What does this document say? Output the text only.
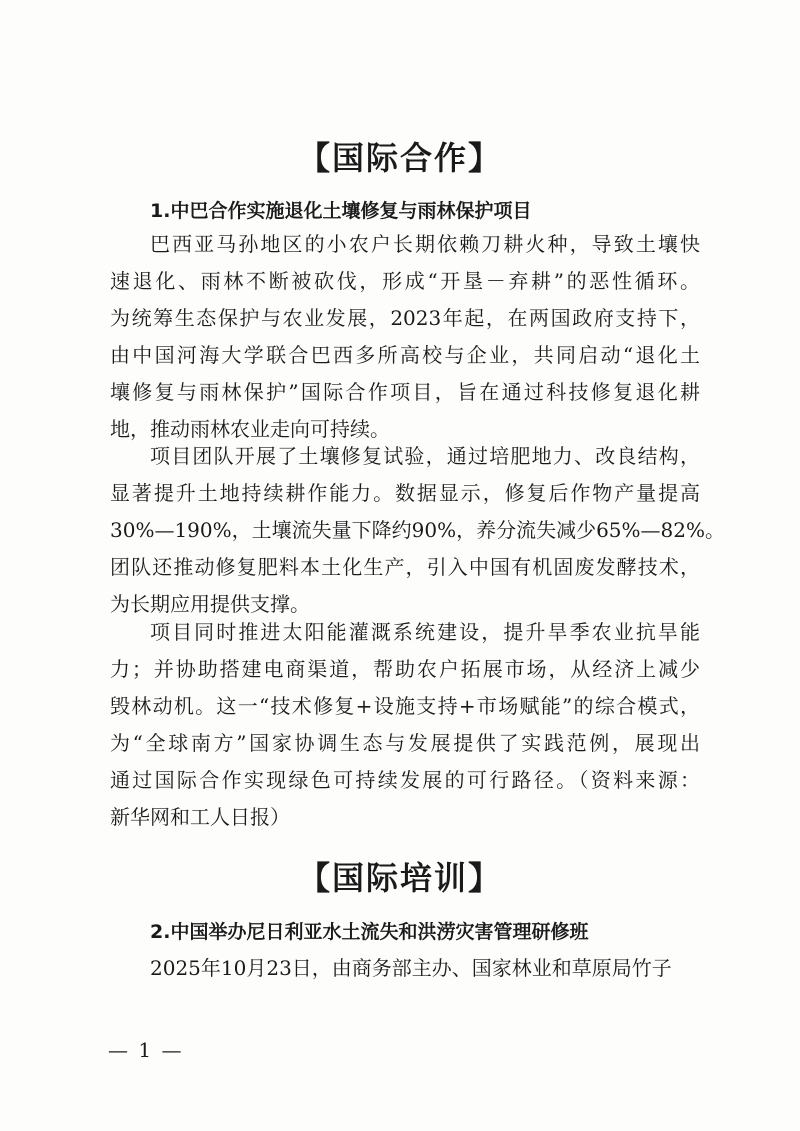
【国际合作】
1.中巴合作实施退化土壤修复与雨林保护项目
巴西亚马孙地区的小农户长期依赖刀耕火种，导致土壤快
速退化、雨林不断被砍伐，形成“开垦－弃耕”的恶性循环。
为统筹生态保护与农业发展，2023年起，在两国政府支持下，
由中国河海大学联合巴西多所高校与企业，共同启动“退化土
壤修复与雨林保护”国际合作项目，旨在通过科技修复退化耕
地，推动雨林农业走向可持续。
项目团队开展了土壤修复试验，通过培肥地力、改良结构，
显著提升土地持续耕作能力。数据显示，修复后作物产量提高
30%—190%，土壤流失量下降约90%，养分流失减少65%—82%。
团队还推动修复肥料本土化生产，引入中国有机固废发酵技术，
为长期应用提供支撑。
项目同时推进太阳能灌溉系统建设，提升旱季农业抗旱能
力；并协助搭建电商渠道，帮助农户拓展市场，从经济上减少
毁林动机。这一“技术修复+设施支持+市场赋能”的综合模式，
为“全球南方”国家协调生态与发展提供了实践范例，展现出
通过国际合作实现绿色可持续发展的可行路径。（资料来源：
新华网和工人日报）
【国际培训】
2.中国举办尼日利亚水土流失和洪涝灾害管理研修班
2025年10月23日，由商务部主办、国家林业和草原局竹子
— 1 —
